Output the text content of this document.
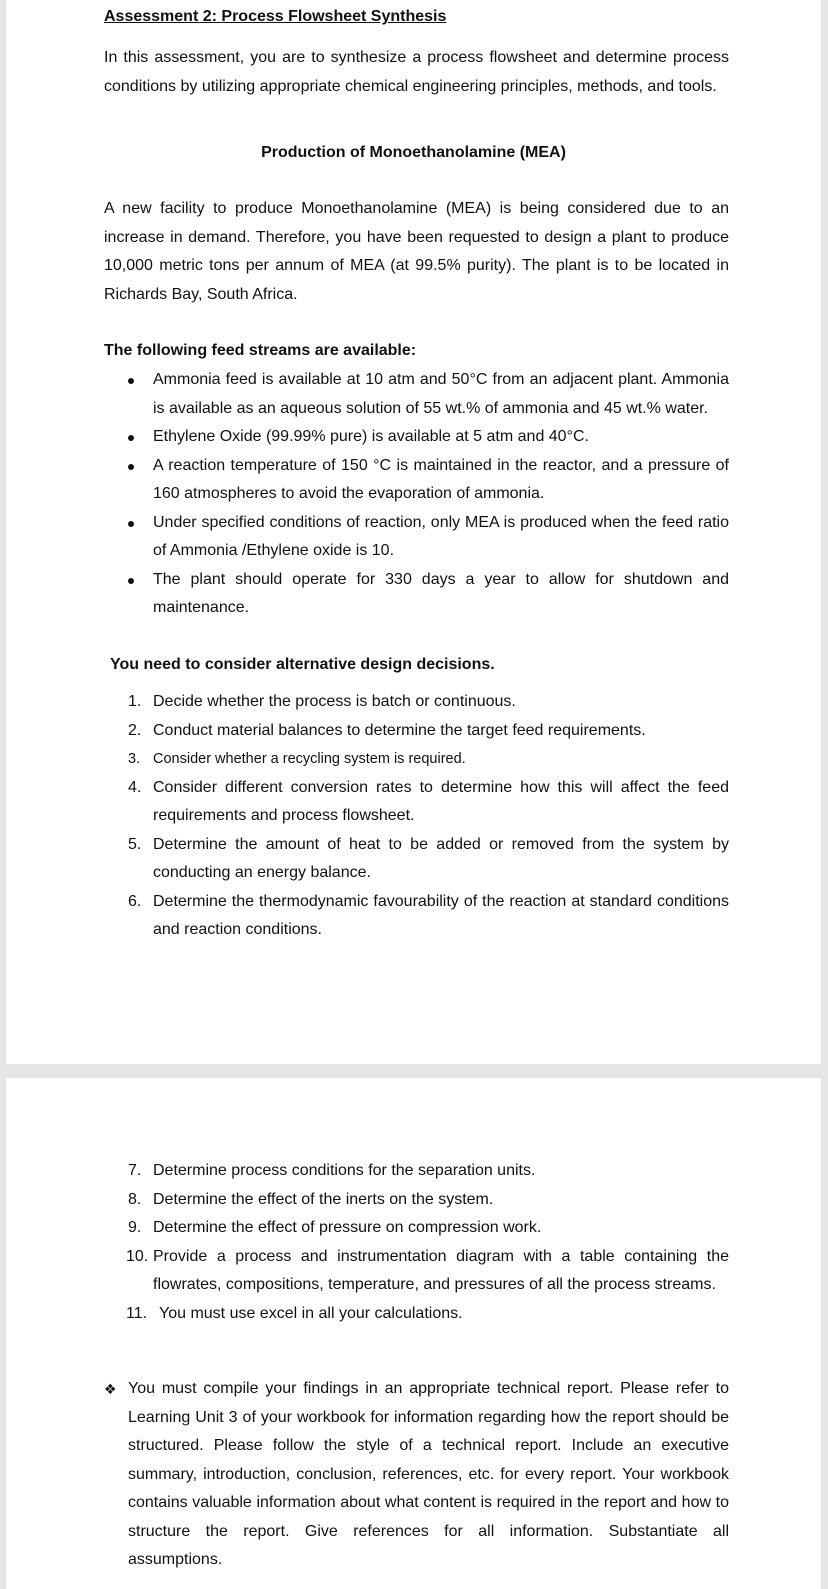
Assessment 2: Process Flowsheet Synthesis

In this assessment, you are to synthesize a process flowsheet and determine process conditions by utilizing appropriate chemical engineering principles, methods, and tools.

Production of Monoethanolamine (MEA)

A new facility to produce Monoethanolamine (MEA) is being considered due to an increase in demand. Therefore, you have been requested to design a plant to produce 10,000 metric tons per annum of MEA (at 99.5% purity). The plant is to be located in Richards Bay, South Africa.

The following feed streams are available:

Ammonia feed is available at 10 atm and 50°C from an adjacent plant. Ammonia is available as an aqueous solution of 55 wt.% of ammonia and 45 wt.% water.
Ethylene Oxide (99.99% pure) is available at 5 atm and 40°C.
A reaction temperature of 150 °C is maintained in the reactor, and a pressure of 160 atmospheres to avoid the evaporation of ammonia.
Under specified conditions of reaction, only MEA is produced when the feed ratio of Ammonia /Ethylene oxide is 10.
The plant should operate for 330 days a year to allow for shutdown and maintenance.

You need to consider alternative design decisions.

1. Decide whether the process is batch or continuous.
2. Conduct material balances to determine the target feed requirements.
3. Consider whether a recycling system is required.
4. Consider different conversion rates to determine how this will affect the feed requirements and process flowsheet.
5. Determine the amount of heat to be added or removed from the system by conducting an energy balance.
6. Determine the thermodynamic favourability of the reaction at standard conditions and reaction conditions.
7. Determine process conditions for the separation units.
8. Determine the effect of the inerts on the system.
9. Determine the effect of pressure on compression work.
10. Provide a process and instrumentation diagram with a table containing the flowrates, compositions, temperature, and pressures of all the process streams.
11. You must use excel in all your calculations.
❖ You must compile your findings in an appropriate technical report. Please refer to Learning Unit 3 of your workbook for information regarding how the report should be structured. Please follow the style of a technical report. Include an executive summary, introduction, conclusion, references, etc. for every report. Your workbook contains valuable information about what content is required in the report and how to structure the report. Give references for all information. Substantiate all assumptions.
